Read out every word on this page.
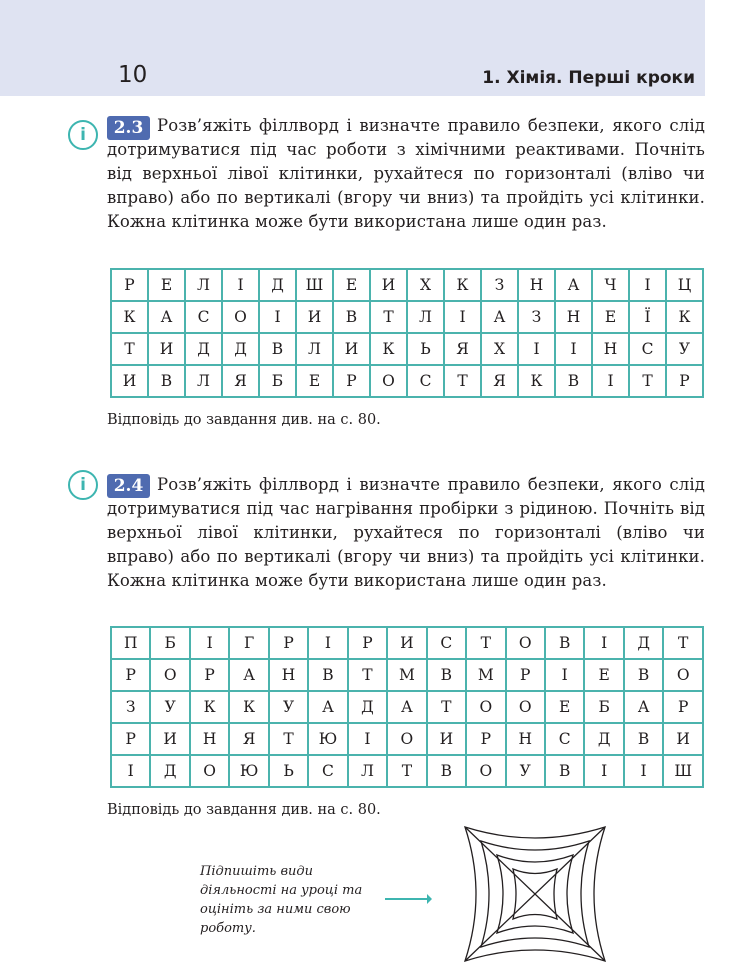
10	1. Хімія. Перші кроки
i	Розв’яжіть філлворд і визначте правило безпеки, якого слід дотримуватися під час роботи з хімічними реактивами. Почніть від верхньої лівої клітинки, рухайтеся по горизонталі (вліво чи вправо) або по вертикалі (вгору чи вниз) та пройдіть усі клітинки. Кожна клітинка може бути використана лише один раз.
2.3
Р	Е	Л	І	Д	Ш	Е	И	Х	К	З	Н	А	Ч	І	Ц
К	А	С	О	І	И	В	Т	Л	І	А	З	Н	Е	Ї	К
Т	И	Д	Д	В	Л	И	К	Ь	Я	Х	І	І	Н	С	У
И	В	Л	Я	Б	Е	Р	О	С	Т	Я	К	В	І	Т	Р
Відповідь до завдання див. на с. 80.
i	Розв’яжіть філлворд і визначте правило безпеки, якого слід дотримуватися під час нагрівання пробірки з рідиною. Почніть від верхньої лівої клітинки, рухайтеся по горизонталі (вліво чи вправо) або по вертикалі (вгору чи вниз) та пройдіть усі клітинки. Кожна клітинка може бути використана лише один раз.
2.4
П	Б	І	Г	Р	І	Р	И	С	Т	О	В	І	Д	Т
Р	О	Р	А	Н	В	Т	М	В	М	Р	І	Е	В	О
З	У	К	К	У	А	Д	А	Т	О	О	Е	Б	А	Р
Р	И	Н	Я	Т	Ю	І	О	И	Р	Н	С	Д	В	И
І	Д	О	Ю	Ь	С	Л	Т	В	О	У	В	І	І	Ш
Відповідь до завдання див. на с. 80.
Підпишіть види діяльності на уроці та оцініть за ними свою роботу.
